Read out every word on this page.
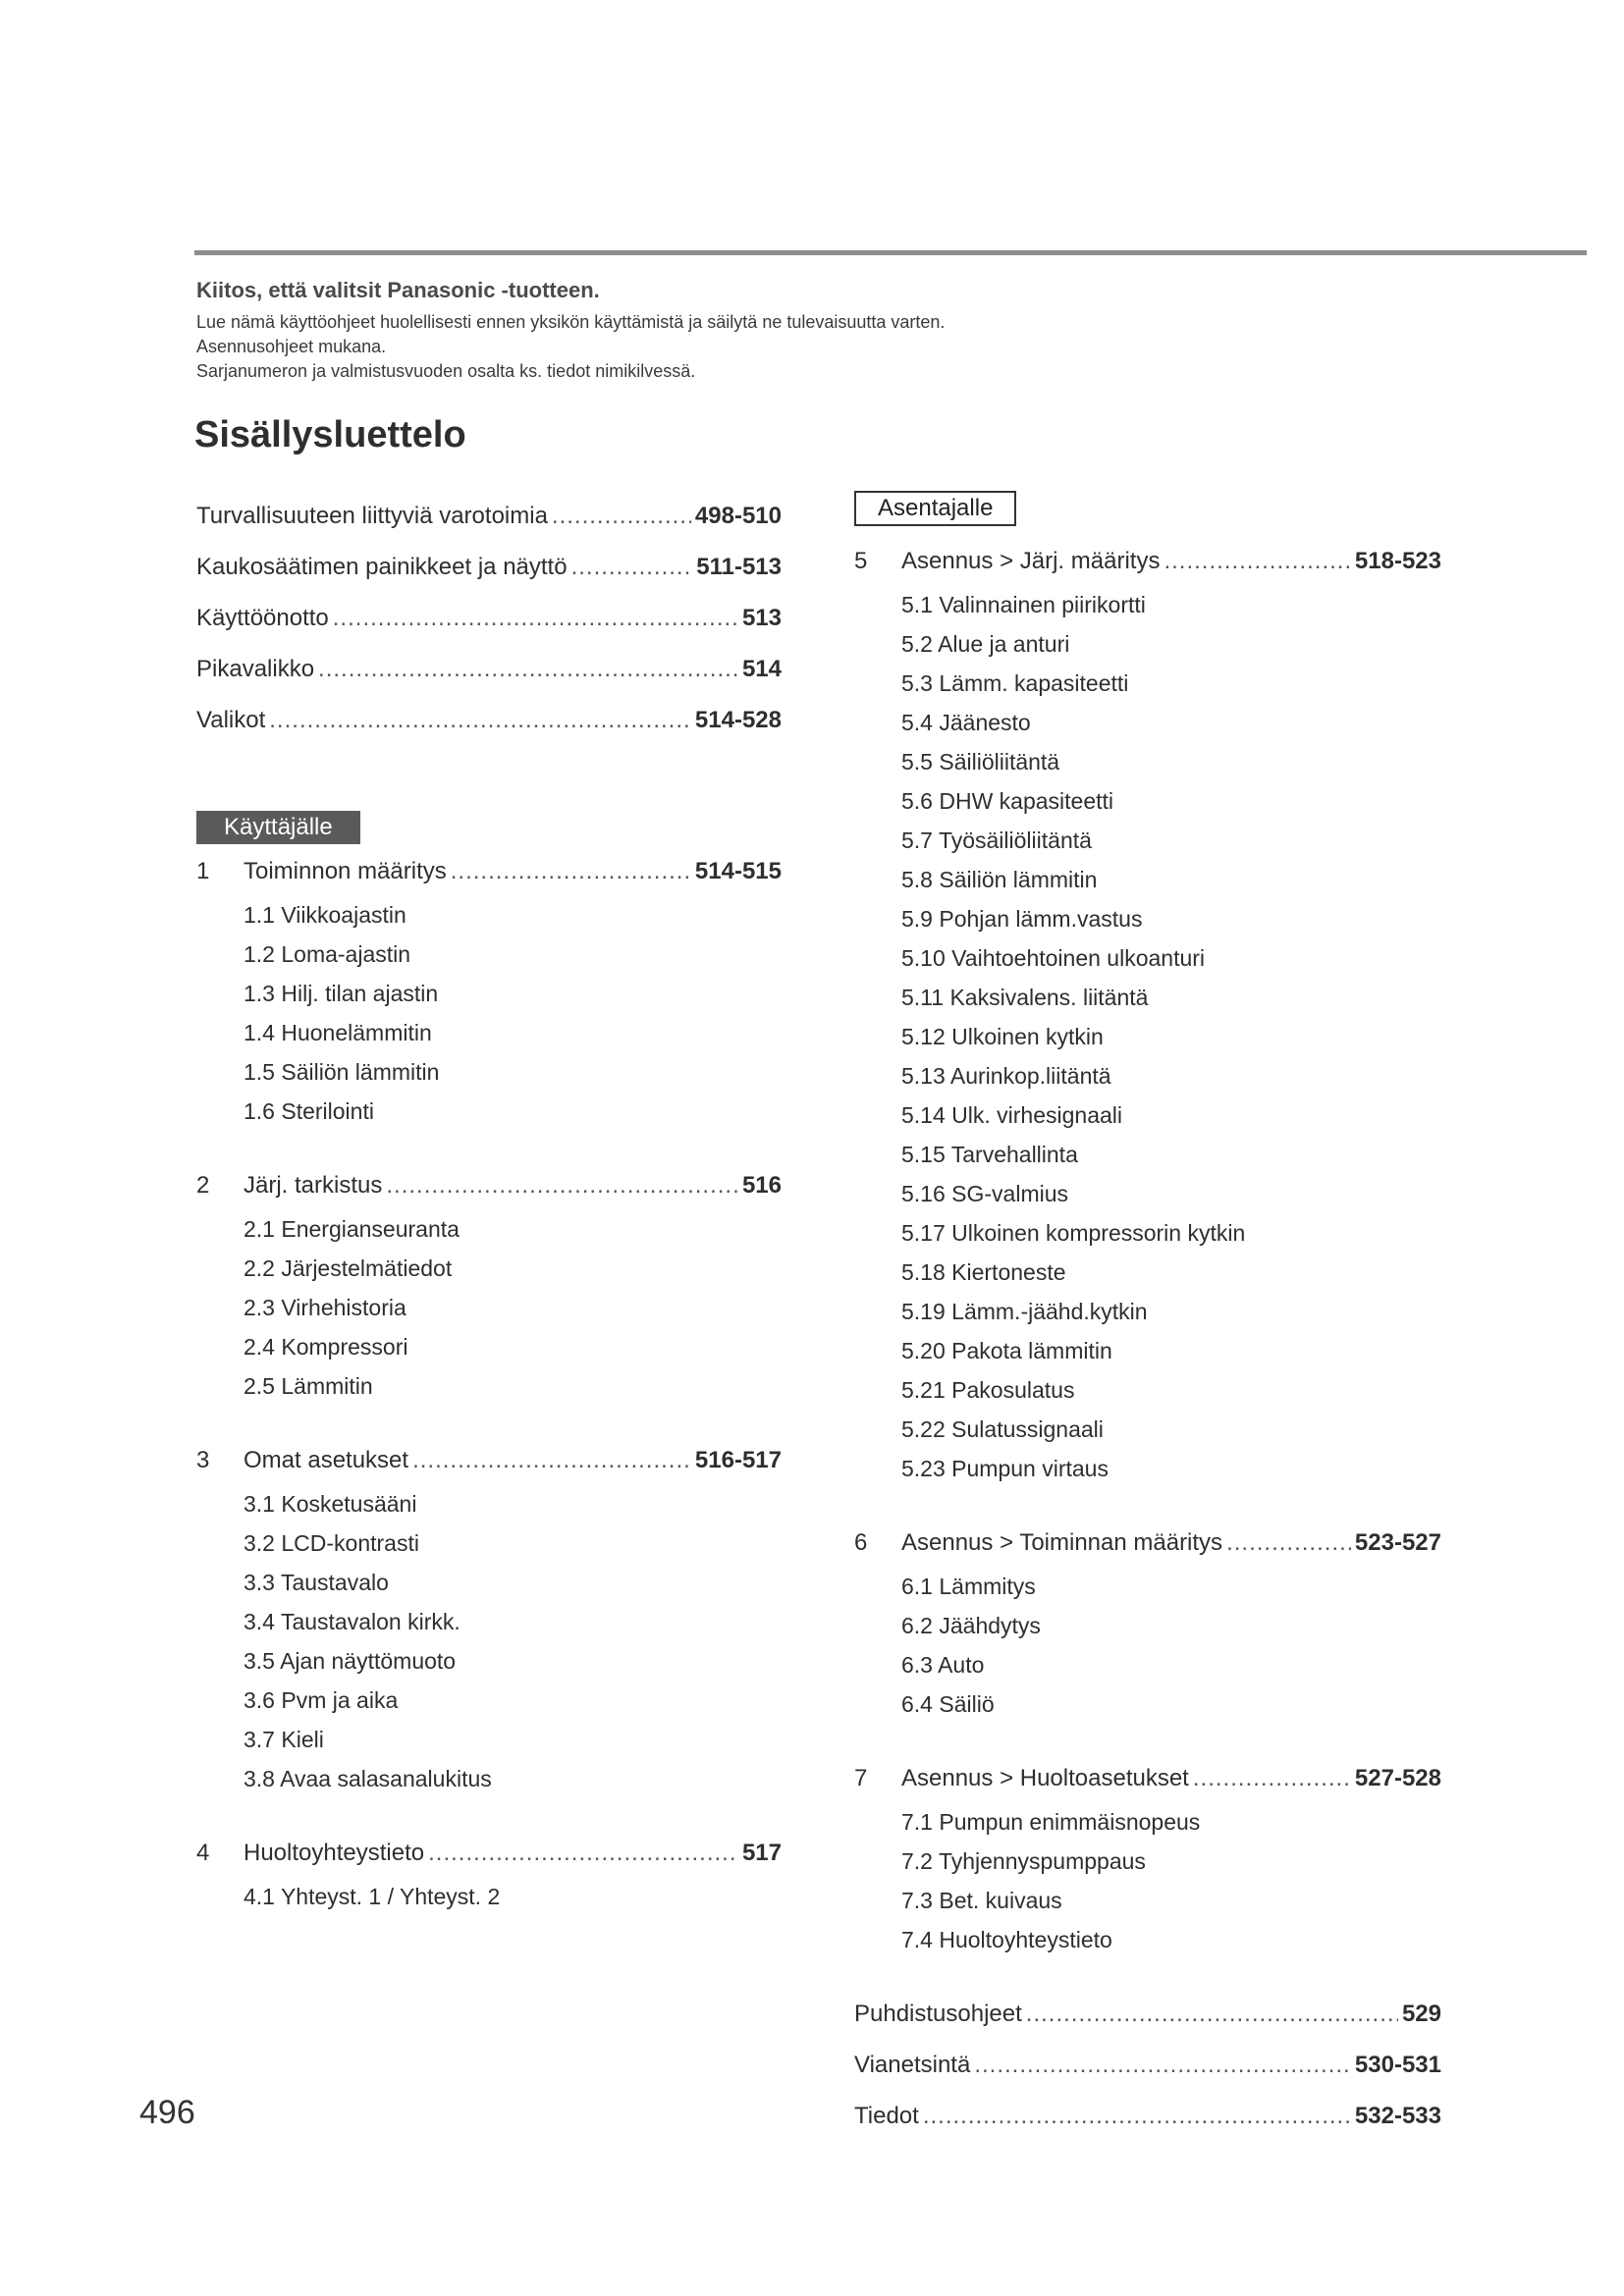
Kiitos, että valitsit Panasonic -tuotteen.
Lue nämä käyttöohjeet huolellisesti ennen yksikön käyttämistä ja säilytä ne tulevaisuutta varten.
Asennusohjeet mukana.
Sarjanumeron ja valmistusvuoden osalta ks. tiedot nimikilvessä.
Sisällysluettelo
Turvallisuuteen liittyviä varotoimia .....	498-510
Kaukosäätimen painikkeet ja näyttö .....	511-513
Käyttöönotto .....	513
Pikavalikko .....	514
Valikot .....	514-528
Käyttäjälle
1	Toiminnon määritys .....	514-515
1.1 Viikkoajastin
1.2 Loma-ajastin
1.3 Hilj. tilan ajastin
1.4 Huonelämmitin
1.5 Säiliön lämmitin
1.6 Sterilointi
2	Järj. tarkistus .....	516
2.1 Energianseuranta
2.2 Järjestelmätiedot
2.3 Virhehistoria
2.4 Kompressori
2.5 Lämmitin
3	Omat asetukset .....	516-517
3.1 Kosketusääni
3.2 LCD-kontrasti
3.3 Taustavalo
3.4 Taustavalon kirkk.
3.5 Ajan näyttömuoto
3.6 Pvm ja aika
3.7 Kieli
3.8 Avaa salasanalukitus
4	Huoltoyhteystieto .....	517
4.1 Yhteyst. 1 / Yhteyst. 2
Asentajalle
5	Asennus > Järj. määritys .....	518-523
5.1 Valinnainen piirikortti
5.2 Alue ja anturi
5.3 Lämm. kapasiteetti
5.4 Jäänesto
5.5 Säiliöliitäntä
5.6 DHW kapasiteetti
5.7 Työsäiliöliitäntä
5.8 Säiliön lämmitin
5.9 Pohjan lämm.vastus
5.10 Vaihtoehtoinen ulkoanturi
5.11 Kaksivalens. liitäntä
5.12 Ulkoinen kytkin
5.13 Aurinkop.liitäntä
5.14 Ulk. virhesignaali
5.15 Tarvehallinta
5.16 SG-valmius
5.17 Ulkoinen kompressorin kytkin
5.18 Kiertoneste
5.19 Lämm.-jäähd.kytkin
5.20 Pakota lämmitin
5.21 Pakosulatus
5.22 Sulatussignaali
5.23 Pumpun virtaus
6	Asennus > Toiminnan määritys .....	523-527
6.1 Lämmitys
6.2 Jäähdytys
6.3 Auto
6.4 Säiliö
7	Asennus > Huoltoasetukset .....	527-528
7.1 Pumpun enimmäisnopeus
7.2 Tyhjennyspumppaus
7.3 Bet. kuivaus
7.4 Huoltoyhteystieto
Puhdistusohjeet .....	529
Vianetsintä .....	530-531
Tiedot .....	532-533
496
